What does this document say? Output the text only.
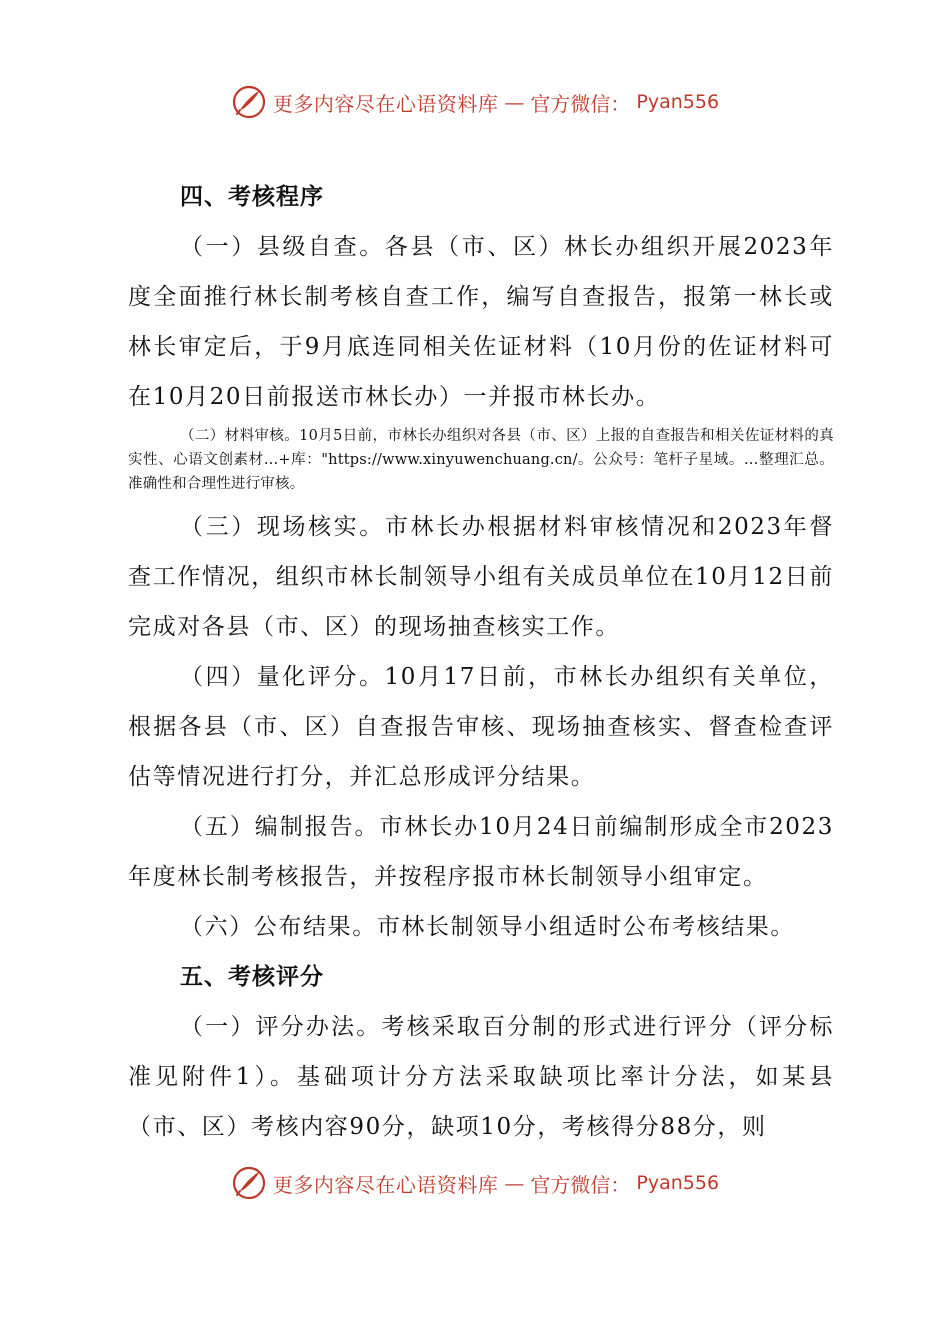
更多内容尽在心语资料库 — 官方微信： Pyan556
四、考核程序

（一）县级自查。各县（市、区）林长办组织开展2023年度全面推行林长制考核自查工作，编写自查报告，报第一林长或林长审定后，于9月底连同相关佐证材料（10月份的佐证材料可在10月20日前报送市林长办）一并报市林长办。

（二）材料审核。10月5日前，市林长办组织对各县（市、区）上报的自查报告和相关佐证材料的真实性、心语文创素材…+库："https://www.xinyuwenchuang.cn/。公众号：笔杆子星域。…整理汇总。准确性和合理性进行审核。

（三）现场核实。市林长办根据材料审核情况和2023年督查工作情况，组织市林长制领导小组有关成员单位在10月12日前完成对各县（市、区）的现场抽查核实工作。

（四）量化评分。10月17日前，市林长办组织有关单位，根据各县（市、区）自查报告审核、现场抽查核实、督查检查评估等情况进行打分，并汇总形成评分结果。

（五）编制报告。市林长办10月24日前编制形成全市2023年度林长制考核报告，并按程序报市林长制领导小组审定。

（六）公布结果。市林长制领导小组适时公布考核结果。

五、考核评分

（一）评分办法。考核采取百分制的形式进行评分（评分标准见附件1）。基础项计分方法采取缺项比率计分法，如某县（市、区）考核内容90分，缺项10分，考核得分88分，则

更多内容尽在心语资料库 — 官方微信： Pyan556
